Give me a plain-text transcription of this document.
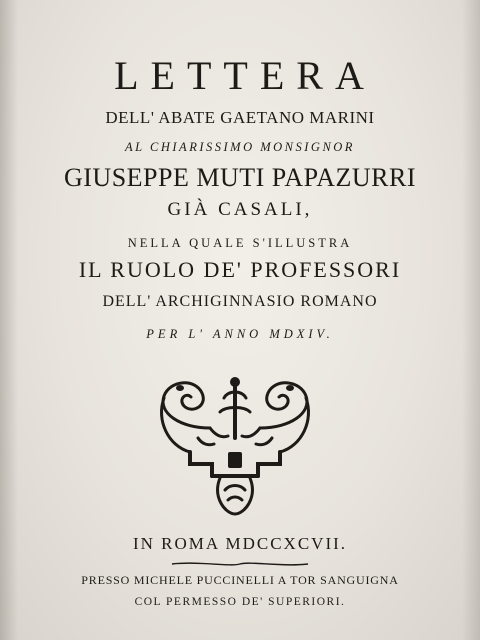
LETTERA
DELL' ABATE GAETANO MARINI
AL CHIARISSIMO MONSIGNOR
GIUSEPPE MUTI PAPAZURRI
GIÀ CASALI,
NELLA QUALE S'ILLUSTRA
IL RUOLO DE' PROFESSORI
DELL' ARCHIGINNASIO ROMANO
PER L' ANNO MDXIV.
IN ROMA MDCCXCVII.
PRESSO MICHELE PUCCINELLI A TOR SANGUIGNA
COL PERMESSO DE' SUPERIORI.
